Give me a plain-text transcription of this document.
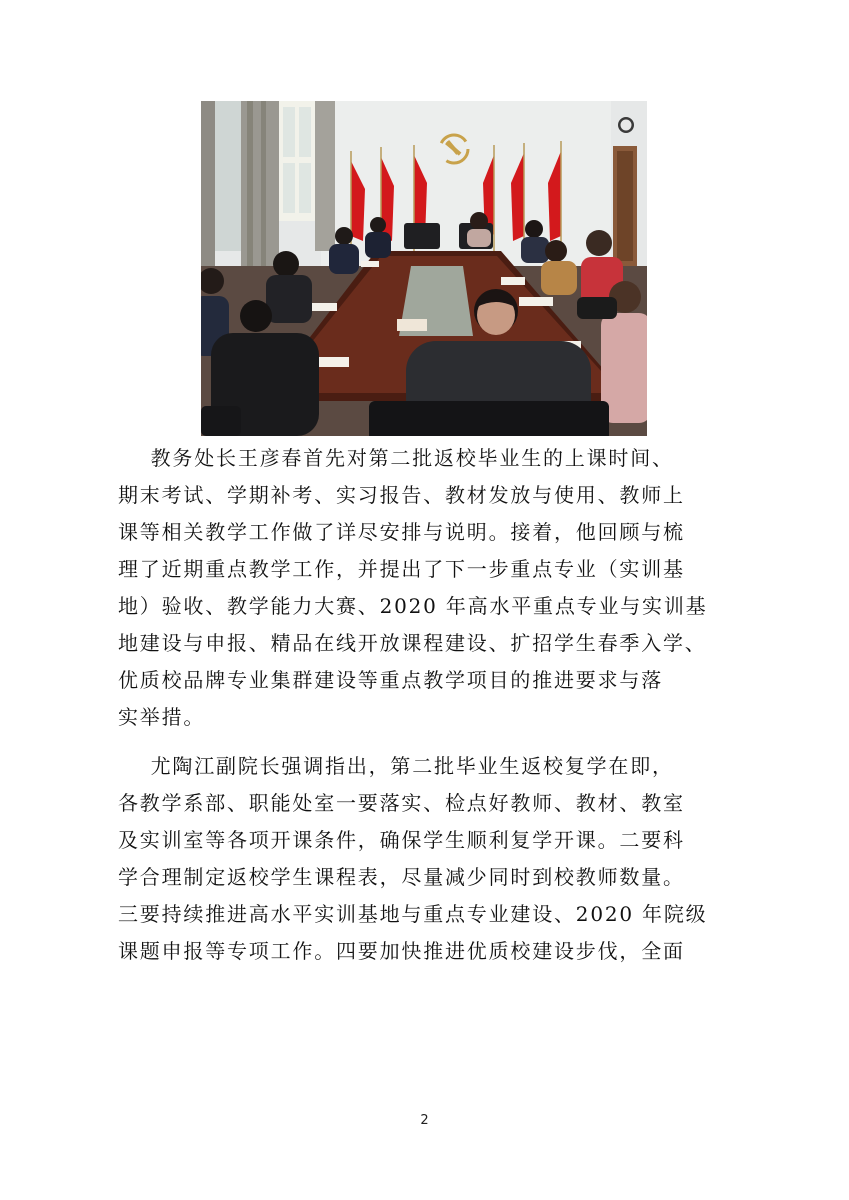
教务处长王彦春首先对第二批返校毕业生的上课时间、
期末考试、学期补考、实习报告、教材发放与使用、教师上
课等相关教学工作做了详尽安排与说明。接着，他回顾与梳
理了近期重点教学工作，并提出了下一步重点专业（实训基
地）验收、教学能力大赛、2020 年高水平重点专业与实训基
地建设与申报、精品在线开放课程建设、扩招学生春季入学、
优质校品牌专业集群建设等重点教学项目的推进要求与落
实举措。

尤陶江副院长强调指出，第二批毕业生返校复学在即，
各教学系部、职能处室一要落实、检点好教师、教材、教室
及实训室等各项开课条件，确保学生顺利复学开课。二要科
学合理制定返校学生课程表，尽量减少同时到校教师数量。
三要持续推进高水平实训基地与重点专业建设、2020 年院级
课题申报等专项工作。四要加快推进优质校建设步伐，全面

2
